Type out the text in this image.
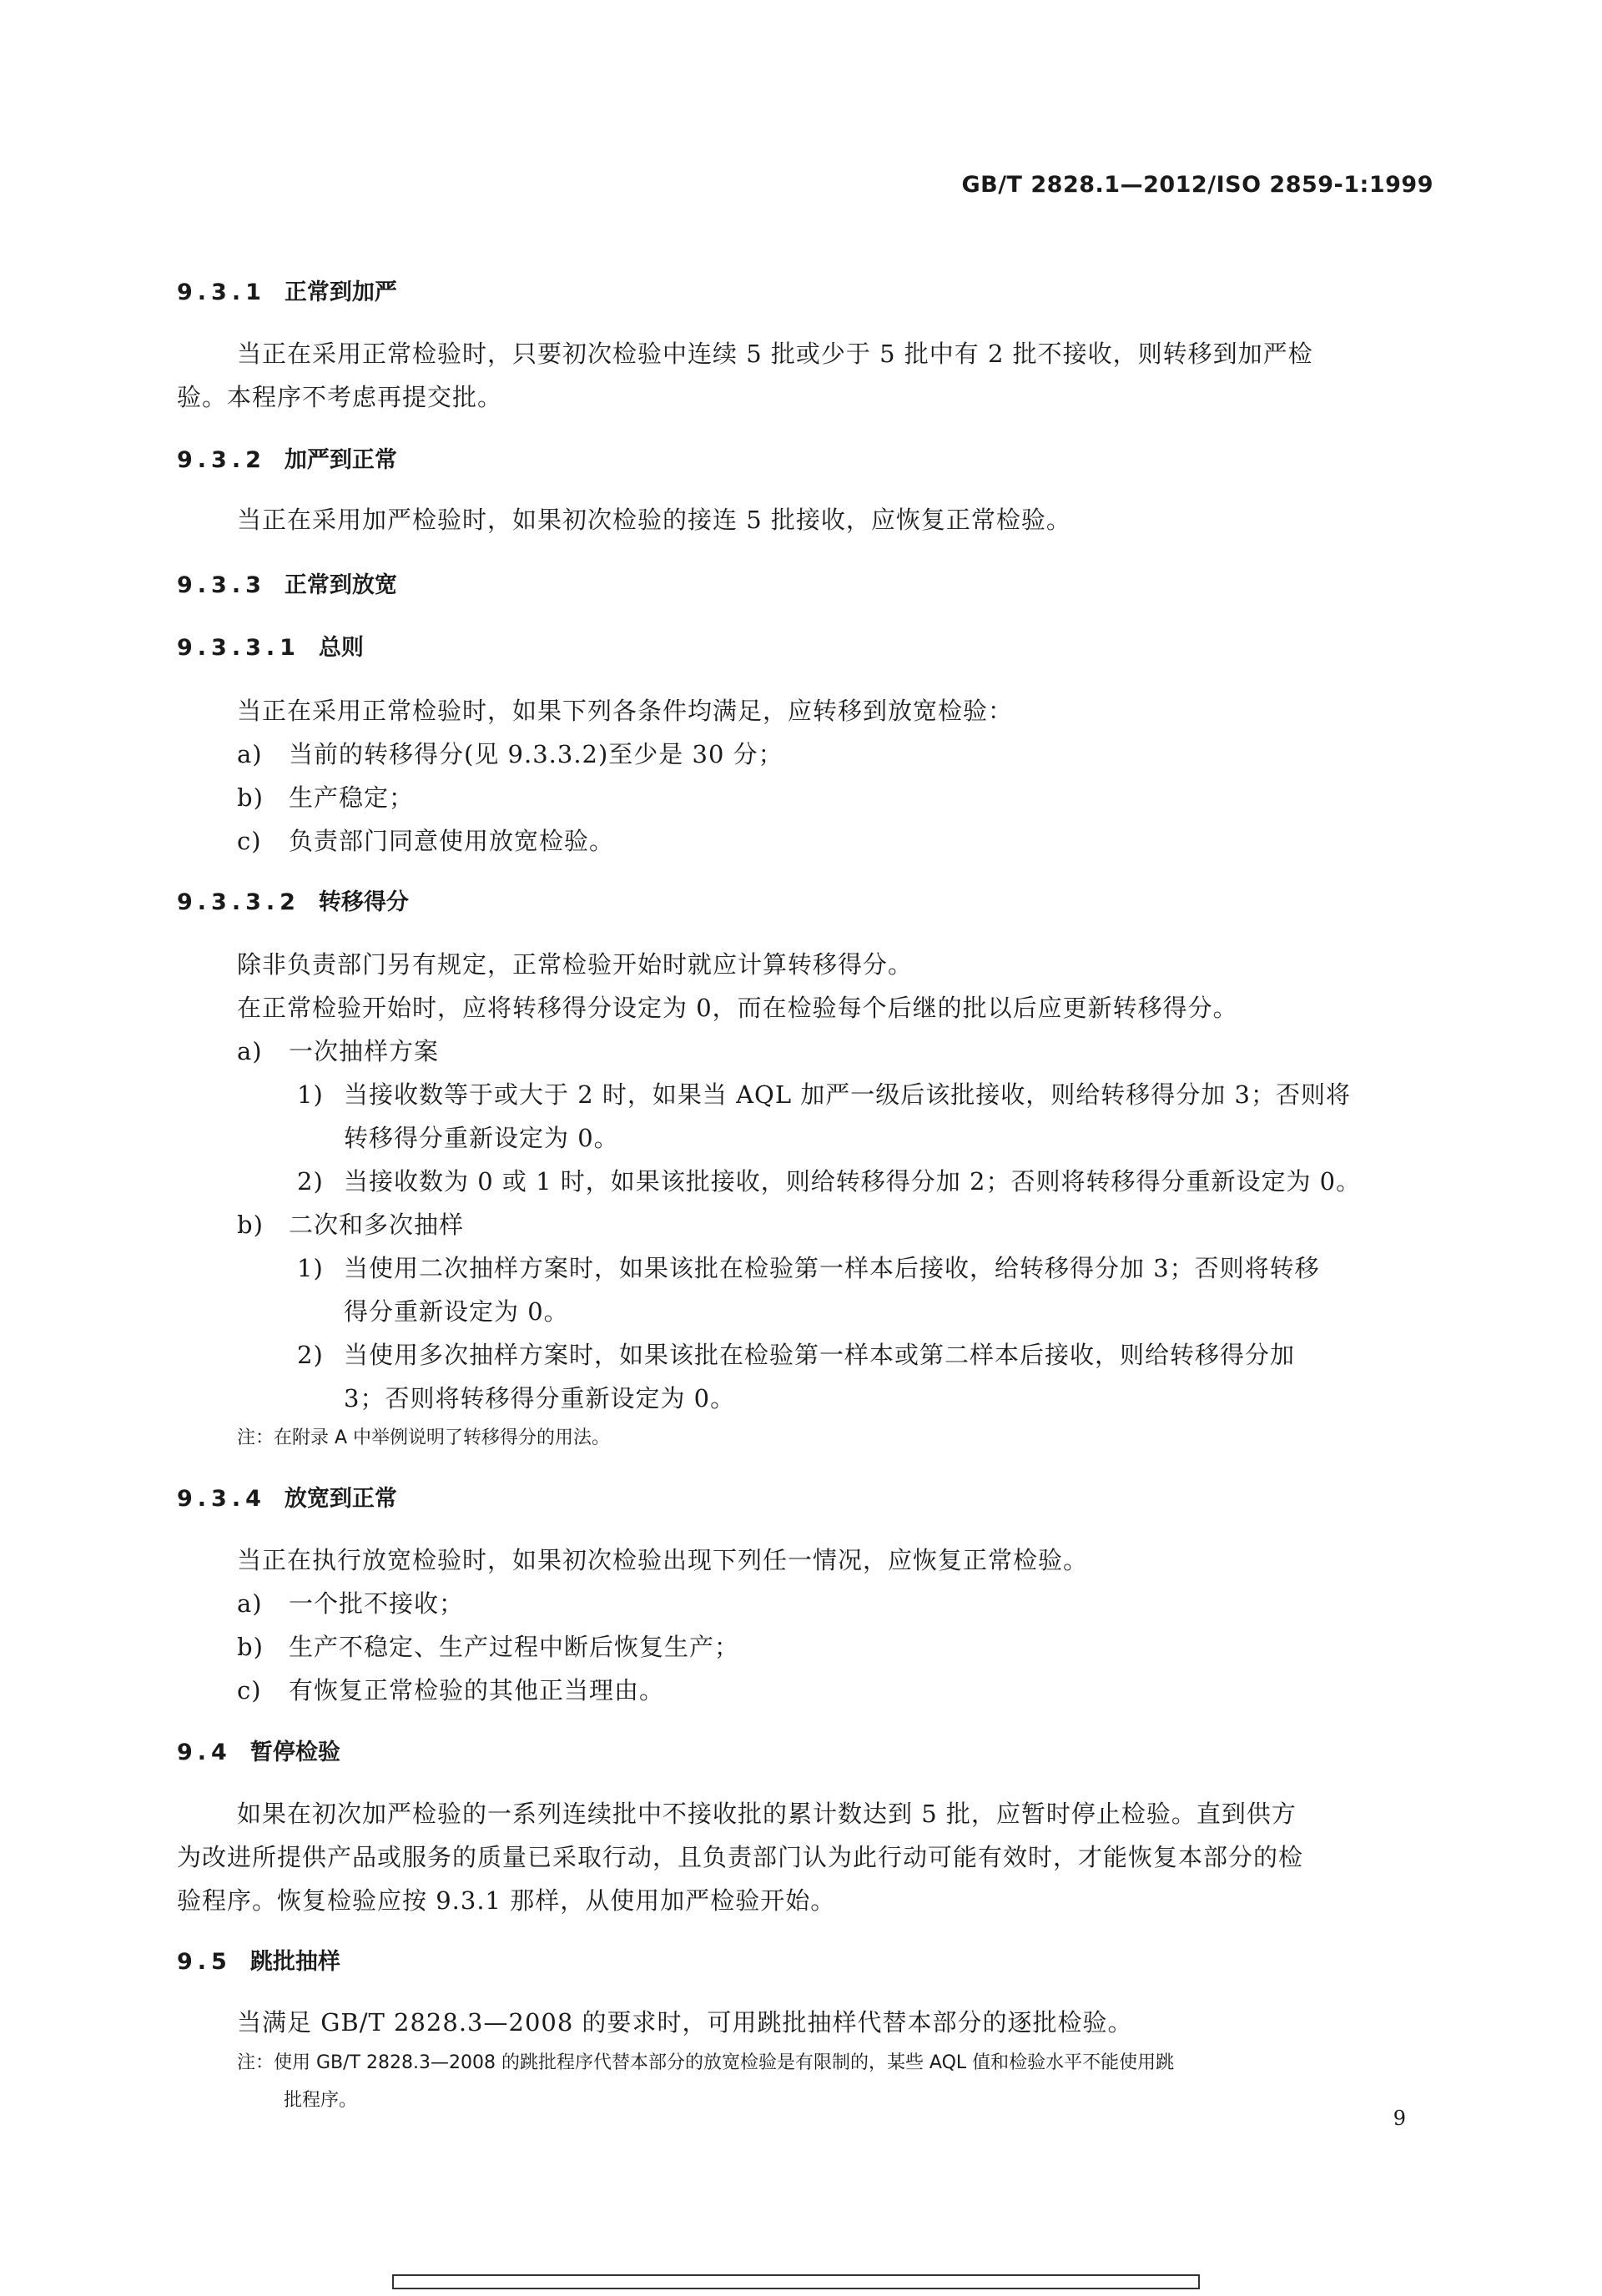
GB/T 2828.1—2012/ISO 2859-1:1999
9.3.1 正常到加严
当正在采用正常检验时，只要初次检验中连续 5 批或少于 5 批中有 2 批不接收，则转移到加严检
验。本程序不考虑再提交批。
9.3.2 加严到正常
当正在采用加严检验时，如果初次检验的接连 5 批接收，应恢复正常检验。
9.3.3 正常到放宽
9.3.3.1 总则
当正在采用正常检验时，如果下列各条件均满足，应转移到放宽检验：
a) 当前的转移得分(见 9.3.3.2)至少是 30 分；
b) 生产稳定；
c) 负责部门同意使用放宽检验。
9.3.3.2 转移得分
除非负责部门另有规定，正常检验开始时就应计算转移得分。
在正常检验开始时，应将转移得分设定为 0，而在检验每个后继的批以后应更新转移得分。
a) 一次抽样方案
1) 当接收数等于或大于 2 时，如果当 AQL 加严一级后该批接收，则给转移得分加 3；否则将
转移得分重新设定为 0。
2) 当接收数为 0 或 1 时，如果该批接收，则给转移得分加 2；否则将转移得分重新设定为 0。
b) 二次和多次抽样
1) 当使用二次抽样方案时，如果该批在检验第一样本后接收，给转移得分加 3；否则将转移
得分重新设定为 0。
2) 当使用多次抽样方案时，如果该批在检验第一样本或第二样本后接收，则给转移得分加
3；否则将转移得分重新设定为 0。
注：在附录 A 中举例说明了转移得分的用法。
9.3.4 放宽到正常
当正在执行放宽检验时，如果初次检验出现下列任一情况，应恢复正常检验。
a) 一个批不接收；
b) 生产不稳定、生产过程中断后恢复生产；
c) 有恢复正常检验的其他正当理由。
9.4 暂停检验
如果在初次加严检验的一系列连续批中不接收批的累计数达到 5 批，应暂时停止检验。直到供方
为改进所提供产品或服务的质量已采取行动，且负责部门认为此行动可能有效时，才能恢复本部分的检
验程序。恢复检验应按 9.3.1 那样，从使用加严检验开始。
9.5 跳批抽样
当满足 GB/T 2828.3—2008 的要求时，可用跳批抽样代替本部分的逐批检验。
注：使用 GB/T 2828.3—2008 的跳批程序代替本部分的放宽检验是有限制的，某些 AQL 值和检验水平不能使用跳
批程序。
9
